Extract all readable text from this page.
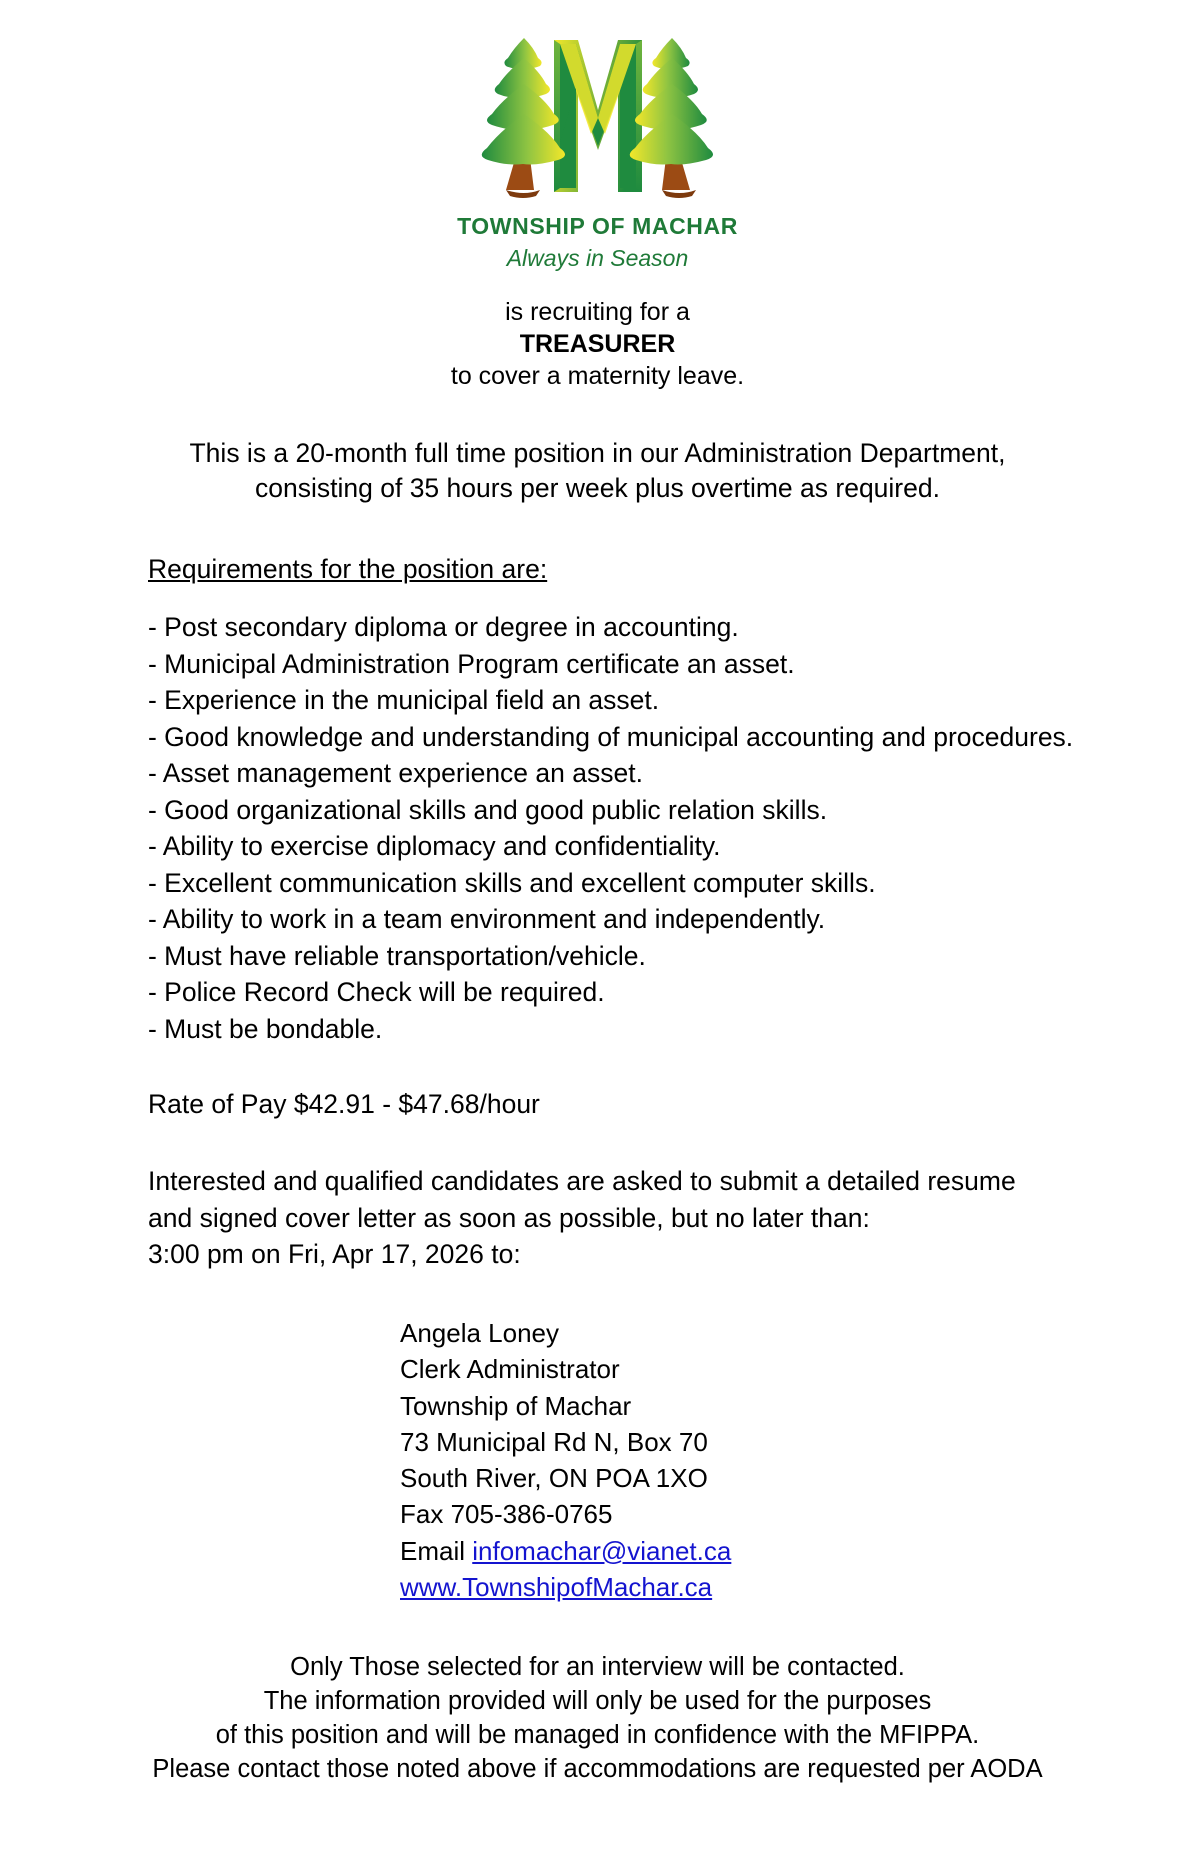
TOWNSHIP OF MACHAR
Always in Season
is recruiting for a
TREASURER
to cover a maternity leave.
This is a 20-month full time position in our Administration Department,
consisting of 35 hours per week plus overtime as required.
Requirements for the position are:
- Post secondary diploma or degree in accounting.
- Municipal Administration Program certificate an asset.
- Experience in the municipal field an asset.
- Good knowledge and understanding of municipal accounting and procedures.
- Asset management experience an asset.
- Good organizational skills and good public relation skills.
- Ability to exercise diplomacy and confidentiality.
- Excellent communication skills and excellent computer skills.
- Ability to work in a team environment and independently.
- Must have reliable transportation/vehicle.
- Police Record Check will be required.
- Must be bondable.
Rate of Pay $42.91 - $47.68/hour
Interested and qualified candidates are asked to submit a detailed resume
and signed cover letter as soon as possible, but no later than:
3:00 pm on Fri, Apr 17, 2026 to:
Angela Loney
Clerk Administrator
Township of Machar
73 Municipal Rd N, Box 70
South River, ON POA 1XO
Fax 705-386-0765
Email infomachar@vianet.ca
www.TownshipofMachar.ca
Only Those selected for an interview will be contacted.
The information provided will only be used for the purposes
of this position and will be managed in confidence with the MFIPPA.
Please contact those noted above if accommodations are requested per AODA
